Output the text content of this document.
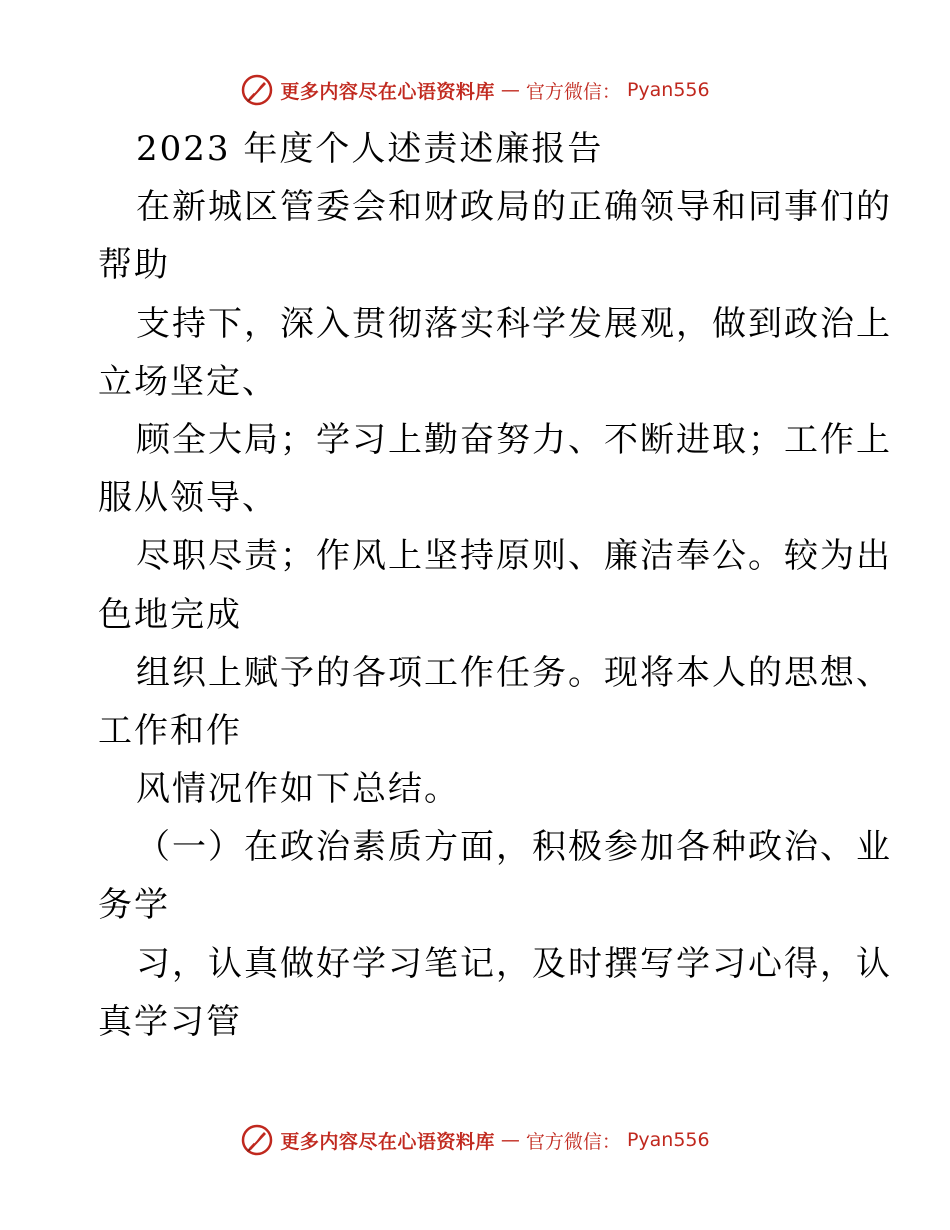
更多内容尽在心语资料库 — 官方微信： Pyan556
2023 年度个人述责述廉报告
在新城区管委会和财政局的正确领导和同事们的
帮助
支持下，深入贯彻落实科学发展观，做到政治上
立场坚定、
顾全大局；学习上勤奋努力、不断进取；工作上
服从领导、
尽职尽责；作风上坚持原则、廉洁奉公。较为出
色地完成
组织上赋予的各项工作任务。现将本人的思想、
工作和作
风情况作如下总结。
（一）在政治素质方面，积极参加各种政治、业
务学
习，认真做好学习笔记，及时撰写学习心得，认
真学习管
更多内容尽在心语资料库 — 官方微信： Pyan556
